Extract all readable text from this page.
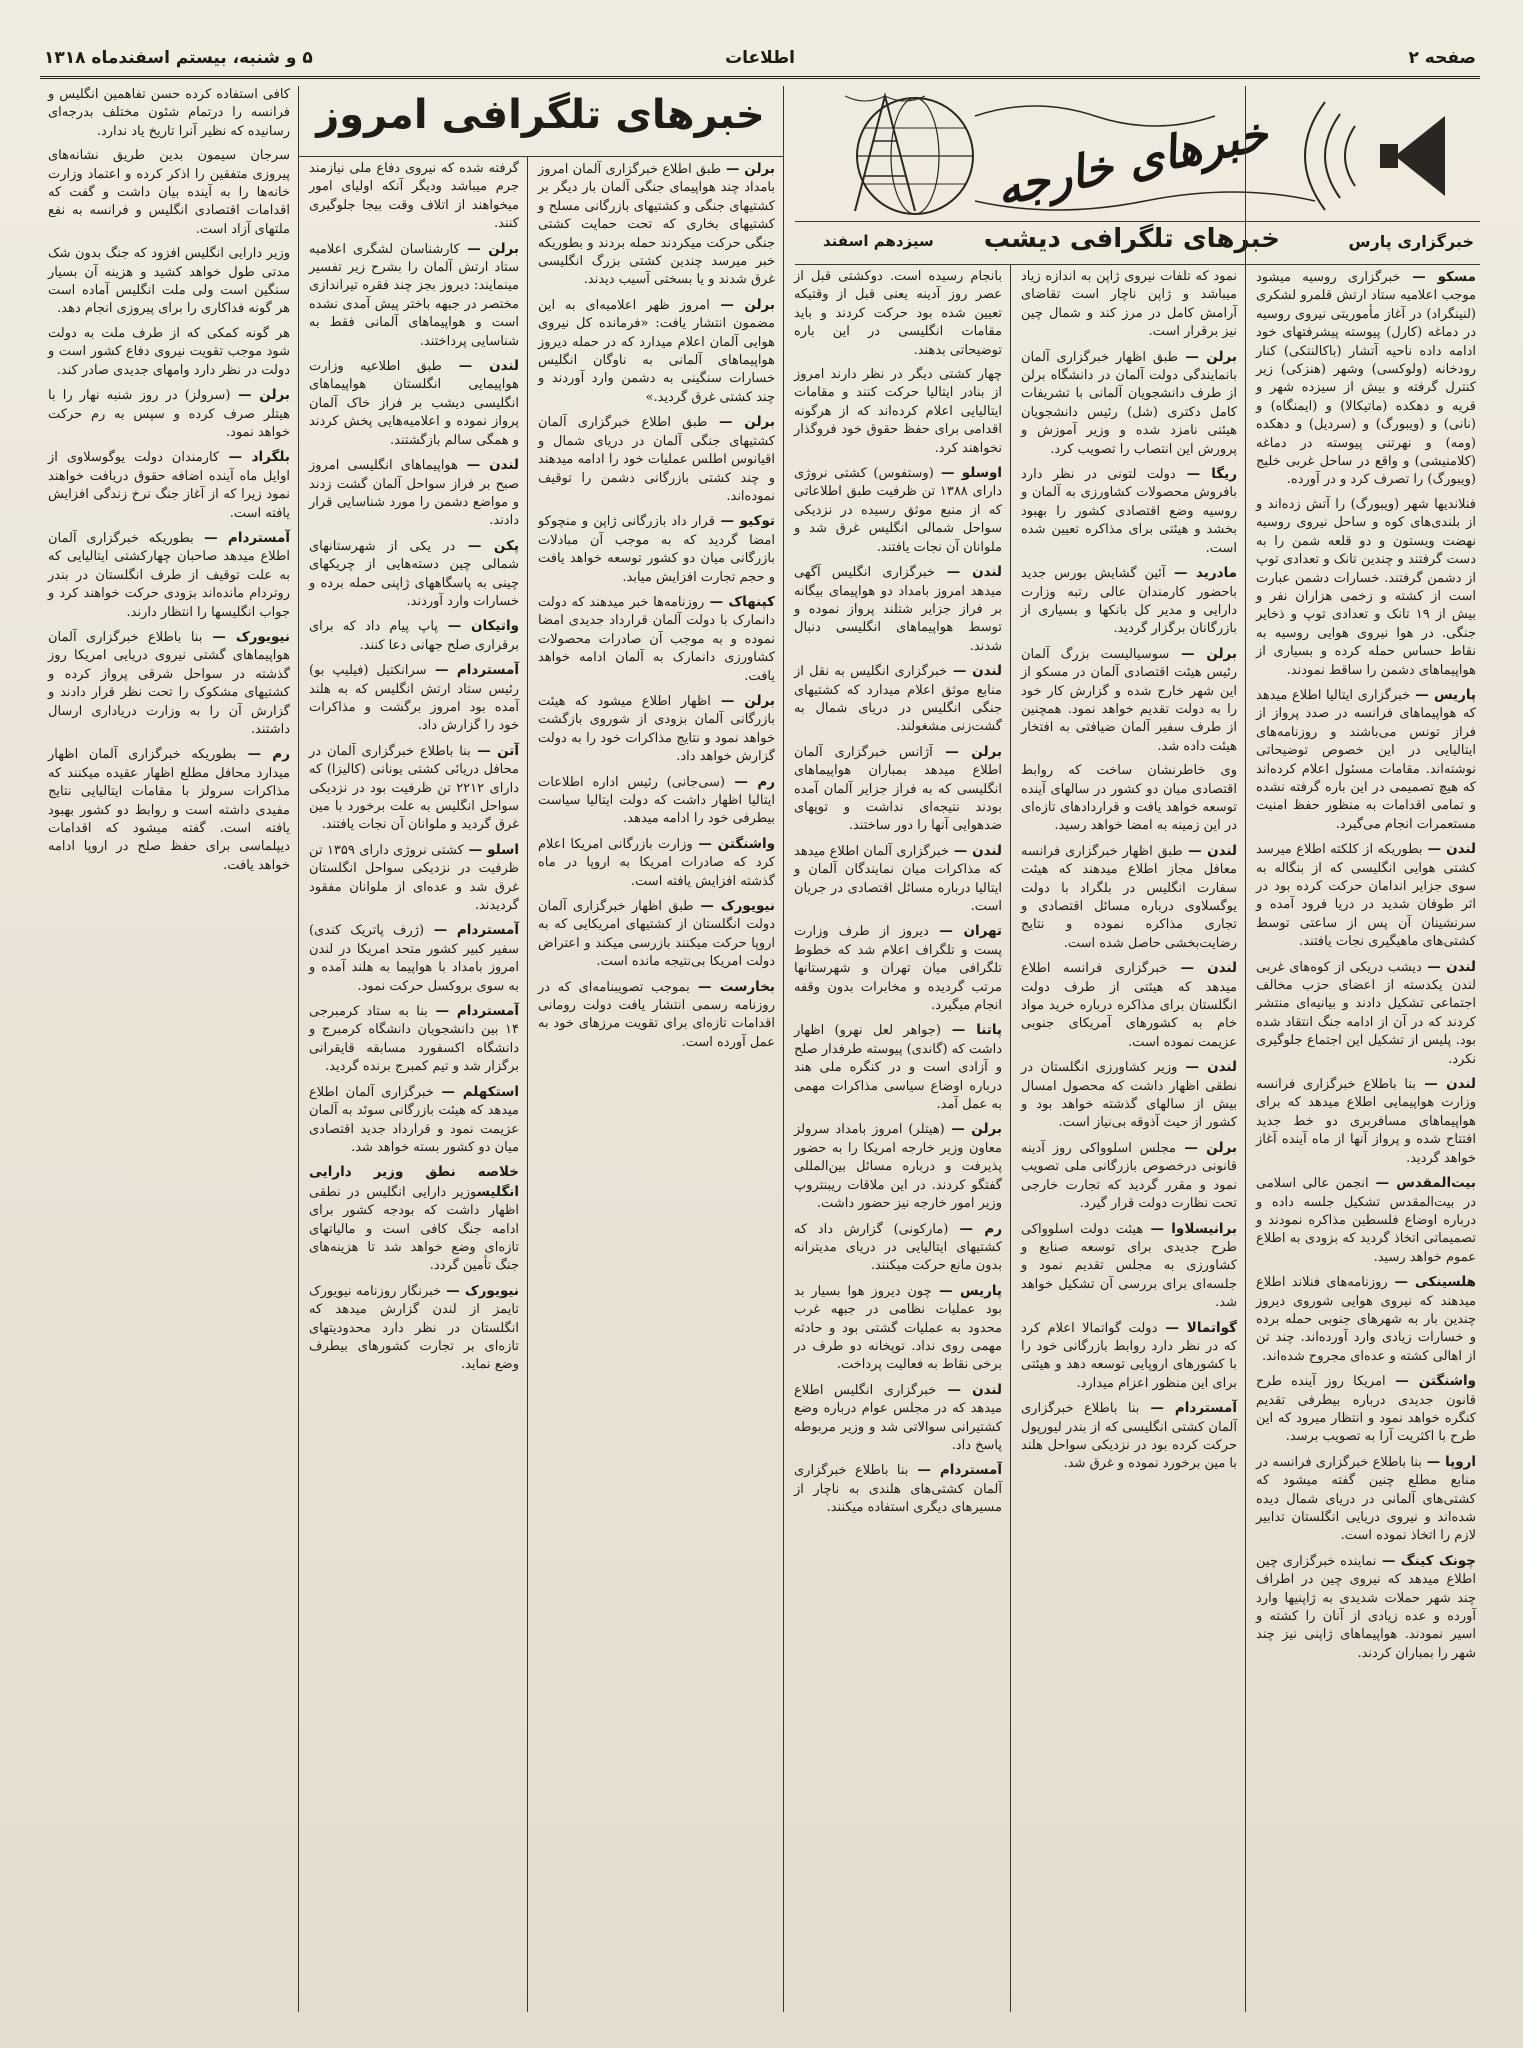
صفحه ۲
اطلاعات
۵ و شنبه، بیستم اسفندماه ۱۳۱۸
خبرهای خارجه
خبرگزاری پارس
خبرهای تلگرافی دیشب
سیزدهم اسفند
خبرهای تلگرافی امروز

مسکو — خبرگزاری روسیه میشود موجب اعلامیه ستاد ارتش قلمرو لشکری (لنینگراد) در آغاز مأموریتی نیروی روسیه در دماغه (کارل) پیوسته پیشرفتهای خود ادامه داده ناحیه آتشار (باکالنتکی) کنار رودخانه (ولوکسی) وشهر (هنزکی) زیر کنترل گرفته و بیش از سیزده شهر و قریه و دهکده (ماتیکالا) و (ایمنگاه) و (نانی) و (ویبورگ) و (سردیل) و دهکده (ومه) و نهرتنی پیوسته در دماغه (کلامنیشی) و واقع در ساحل غربی خلیج (ویبورگ) را تصرف کرد و در آورده.

فنلاندیها شهر (ویبورگ) را آتش زده‌اند و از بلندی‌های کوه و ساحل نیروی روسیه نهضت ویستون و دو قلعه شمن را به دست گرفتند و چندین تانک و تعدادی توپ از دشمن گرفتند. خسارات دشمن عبارت است از کشته و زخمی هزاران نفر و بیش از ۱۹ تانک و تعدادی توپ و ذخایر جنگی. در هوا نیروی هوایی روسیه به نقاط حساس حمله کرده و بسیاری از هواپیماهای دشمن را ساقط نمودند.

پاریس — خبرگزاری ایتالیا اطلاع میدهد که هواپیماهای فرانسه در صدد پرواز از فراز تونس می‌باشند و روزنامه‌های ایتالیایی در این خصوص توضیحاتی نوشته‌اند. مقامات مسئول اعلام کرده‌اند که هیچ تصمیمی در این باره گرفته نشده و تمامی اقدامات به منظور حفظ امنیت مستعمرات انجام می‌گیرد.

لندن — بطوریکه از کلکته اطلاع میرسد کشتی هوایی انگلیسی که از بنگاله به سوی جزایر اندامان حرکت کرده بود در اثر طوفان شدید در دریا فرود آمده و سرنشینان آن پس از ساعتی توسط کشتی‌های ماهیگیری نجات یافتند.

لندن — دیشب دریکی از کوه‌های غربی لندن یکدسته از اعضای حزب مخالف اجتماعی تشکیل دادند و بیانیه‌ای منتشر کردند که در آن از ادامه جنگ انتقاد شده بود. پلیس از تشکیل این اجتماع جلوگیری نکرد.

لندن — بنا باطلاع خبرگزاری فرانسه وزارت هواپیمایی اطلاع میدهد که برای هواپیماهای مسافربری دو خط جدید افتتاح شده و پرواز آنها از ماه آینده آغاز خواهد گردید.

بیت‌المقدس — انجمن عالی اسلامی در بیت‌المقدس تشکیل جلسه داده و درباره اوضاع فلسطین مذاکره نمودند و تصمیماتی اتخاذ گردید که بزودی به اطلاع عموم خواهد رسید.

هلسینکی — روزنامه‌های فنلاند اطلاع میدهند که نیروی هوایی شوروی دیروز چندین بار به شهرهای جنوبی حمله برده و خسارات زیادی وارد آورده‌اند. چند تن از اهالی کشته و عده‌ای مجروح شده‌اند.

واشنگتن — امریکا روز آینده طرح قانون جدیدی درباره بیطرفی تقدیم کنگره خواهد نمود و انتظار میرود که این طرح با اکثریت آرا به تصویب برسد.

اروپا — بنا باطلاع خبرگزاری فرانسه در منابع مطلع چنین گفته میشود که کشتی‌های آلمانی در دریای شمال دیده شده‌اند و نیروی دریایی انگلستان تدابیر لازم را اتخاذ نموده است.

چونک کینگ — نماینده خبرگزاری چین اطلاع میدهد که نیروی چین در اطراف چند شهر حملات شدیدی به ژاپنیها وارد آورده و عده زیادی از آنان را کشته و اسیر نمودند. هواپیماهای ژاپنی نیز چند شهر را بمباران کردند.

نمود که تلفات نیروی ژاپن به اندازه زیاد میباشد و ژاپن ناچار است تقاضای آرامش کامل در مرز کند و شمال چین نیز برقرار است.

برلن — طبق اظهار خبرگزاری آلمان بانمایندگی دولت آلمان در دانشگاه برلن از طرف دانشجویان آلمانی با تشریفات کامل دکتری (شل) رئیس دانشجویان هیئتی نامزد شده و وزیر آموزش و پرورش این انتصاب را تصویب کرد.

ریگا — دولت لتونی در نظر دارد بافروش محصولات کشاورزی به آلمان و روسیه وضع اقتصادی کشور را بهبود بخشد و هیئتی برای مذاکره تعیین شده است.

مادرید — آئین گشایش بورس جدید باحضور کارمندان عالی رتبه وزارت دارایی و مدیر کل بانکها و بسیاری از بازرگانان برگزار گردید.

برلن — سوسیالیست بزرگ آلمان رئیس هیئت اقتصادی آلمان در مسکو از این شهر خارج شده و گزارش کار خود را به دولت تقدیم خواهد نمود. همچنین از طرف سفیر آلمان ضیافتی به افتخار هیئت داده شد.

وی خاطرنشان ساخت که روابط اقتصادی میان دو کشور در سالهای آینده توسعه خواهد یافت و قراردادهای تازه‌ای در این زمینه به امضا خواهد رسید.

لندن — طبق اظهار خبرگزاری فرانسه معافل مجاز اطلاع میدهند که هیئت سفارت انگلیس در بلگراد با دولت یوگسلاوی درباره مسائل اقتصادی و تجاری مذاکره نموده و نتایج رضایت‌بخشی حاصل شده است.

لندن — خبرگزاری فرانسه اطلاع میدهد که هیئتی از طرف دولت انگلستان برای مذاکره درباره خرید مواد خام به کشورهای آمریکای جنوبی عزیمت نموده است.

لندن — وزیر کشاورزی انگلستان در نطقی اظهار داشت که محصول امسال بیش از سالهای گذشته خواهد بود و کشور از حیث آذوقه بی‌نیاز است.

برلن — مجلس اسلوواکی روز آدینه قانونی درخصوص بازرگانی ملی تصویب نمود و مقرر گردید که تجارت خارجی تحت نظارت دولت قرار گیرد.

برانیسلاوا — هیئت دولت اسلوواکی طرح جدیدی برای توسعه صنایع و کشاورزی به مجلس تقدیم نمود و جلسه‌ای برای بررسی آن تشکیل خواهد شد.

گواتمالا — دولت گواتمالا اعلام کرد که در نظر دارد روابط بازرگانی خود را با کشورهای اروپایی توسعه دهد و هیئتی برای این منظور اعزام میدارد.

آمستردام — بنا باطلاع خبرگزاری آلمان کشتی انگلیسی که از بندر لیورپول حرکت کرده بود در نزدیکی سواحل هلند با مین برخورد نموده و غرق شد.

بانجام رسیده است. دوکشتی قبل از عصر روز آدینه یعنی قبل از وقتیکه تعیین شده بود حرکت کردند و باید مقامات انگلیسی در این باره توضیحاتی بدهند.

چهار کشتی دیگر در نظر دارند امروز از بنادر ایتالیا حرکت کنند و مقامات ایتالیایی اعلام کرده‌اند که از هرگونه اقدامی برای حفظ حقوق خود فروگذار نخواهند کرد.

اوسلو — (وستفوس) کشتی نروژی دارای ۱۳۸۸ تن ظرفیت طبق اطلاعاتی که از منبع موثق رسیده در نزدیکی سواحل شمالی انگلیس غرق شد و ملوانان آن نجات یافتند.

لندن — خبرگزاری انگلیس آگهی میدهد امروز بامداد دو هواپیمای بیگانه بر فراز جزایر شتلند پرواز نموده و توسط هواپیماهای انگلیسی دنبال شدند.

لندن — خبرگزاری انگلیس به نقل از منابع موثق اعلام میدارد که کشتیهای جنگی انگلیس در دریای شمال به گشت‌زنی مشغولند.

برلن — آژانس خبرگزاری آلمان اطلاع میدهد بمباران هواپیماهای انگلیسی که به فراز جزایر آلمان آمده بودند نتیجه‌ای نداشت و توپهای ضدهوایی آنها را دور ساختند.

لندن — خبرگزاری آلمان اطلاع میدهد که مذاکرات میان نمایندگان آلمان و ایتالیا درباره مسائل اقتصادی در جریان است.

تهران — دیروز از طرف وزارت پست و تلگراف اعلام شد که خطوط تلگرافی میان تهران و شهرستانها مرتب گردیده و مخابرات بدون وقفه انجام میگیرد.

پاتنا — (جواهر لعل نهرو) اظهار داشت که (گاندی) پیوسته طرفدار صلح و آزادی است و در کنگره ملی هند درباره اوضاع سیاسی مذاکرات مهمی به عمل آمد.

برلن — (هیتلر) امروز بامداد سرولز معاون وزیر خارجه امریکا را به حضور پذیرفت و درباره مسائل بین‌المللی گفتگو کردند. در این ملاقات ریبنتروپ وزیر امور خارجه نیز حضور داشت.

رم — (مارکونی) گزارش داد که کشتیهای ایتالیایی در دریای مدیترانه بدون مانع حرکت میکنند.

پاریس — چون دیروز هوا بسیار بد بود عملیات نظامی در جبهه غرب محدود به عملیات گشتی بود و حادثه مهمی روی نداد. توپخانه دو طرف در برخی نقاط به فعالیت پرداخت.

لندن — خبرگزاری انگلیس اطلاع میدهد که در مجلس عوام درباره وضع کشتیرانی سوالاتی شد و وزیر مربوطه پاسخ داد.

آمستردام — بنا باطلاع خبرگزاری آلمان کشتی‌های هلندی به ناچار از مسیرهای دیگری استفاده میکنند.

برلن — طبق اطلاع خبرگزاری آلمان امروز بامداد چند هواپیمای جنگی آلمان بار دیگر بر کشتیهای جنگی و کشتیهای بازرگانی مسلح و کشتیهای بخاری که تحت حمایت کشتی جنگی حرکت میکردند حمله بردند و بطوریکه خبر میرسد چندین کشتی بزرگ انگلیسی غرق شدند و یا بسختی آسیب دیدند.

برلن — امروز ظهر اعلامیه‌ای به این مضمون انتشار یافت: «فرمانده کل نیروی هوایی آلمان اعلام میدارد که در حمله دیروز هواپیماهای آلمانی به ناوگان انگلیس خسارات سنگینی به دشمن وارد آوردند و چند کشتی غرق گردید.»

برلن — طبق اطلاع خبرگزاری آلمان کشتیهای جنگی آلمان در دریای شمال و اقیانوس اطلس عملیات خود را ادامه میدهند و چند کشتی بازرگانی دشمن را توقیف نموده‌اند.

توکیو — قرار داد بازرگانی ژاپن و منچوکو امضا گردید که به موجب آن مبادلات بازرگانی میان دو کشور توسعه خواهد یافت و حجم تجارت افزایش میابد.

کپنهاک — روزنامه‌ها خبر میدهند که دولت دانمارک با دولت آلمان قرارداد جدیدی امضا نموده و به موجب آن صادرات محصولات کشاورزی دانمارک به آلمان ادامه خواهد یافت.

برلن — اظهار اطلاع میشود که هیئت بازرگانی آلمان بزودی از شوروی بازگشت خواهد نمود و نتایج مذاکرات خود را به دولت گزارش خواهد داد.

رم — (سی‌جانی) رئیس اداره اطلاعات ایتالیا اظهار داشت که دولت ایتالیا سیاست بیطرفی خود را ادامه میدهد.

واشنگتن — وزارت بازرگانی امریکا اعلام کرد که صادرات امریکا به اروپا در ماه گذشته افزایش یافته است.

نیویورک — طبق اظهار خبرگزاری آلمان دولت انگلستان از کشتیهای امریکایی که به اروپا حرکت میکنند بازرسی میکند و اعتراض دولت امریکا بی‌نتیجه مانده است.

بخارست — بموجب تصویبنامه‌ای که در روزنامه رسمی انتشار یافت دولت رومانی اقدامات تازه‌ای برای تقویت مرزهای خود به عمل آورده است.

گرفته شده که نیروی دفاع ملی نیازمند جرم میباشد ودیگر آنکه اولیای امور میخواهند از اتلاف وقت بیجا جلوگیری کنند.

برلن — کارشناسان لشگری اعلامیه ستاد ارتش آلمان را بشرح زیر تفسیر مینمایند: دیروز بجز چند فقره تیراندازی مختصر در جبهه باختر پیش آمدی نشده است و هواپیماهای آلمانی فقط به شناسایی پرداختند.

لندن — طبق اطلاعیه وزارت هواپیمایی انگلستان هواپیماهای انگلیسی دیشب بر فراز خاک آلمان پرواز نموده و اعلامیه‌هایی پخش کردند و همگی سالم بازگشتند.

لندن — هواپیماهای انگلیسی امروز صبح بر فراز سواحل آلمان گشت زدند و مواضع دشمن را مورد شناسایی قرار دادند.

پکن — در یکی از شهرستانهای شمالی چین دسته‌هایی از چریکهای چینی به پاسگاههای ژاپنی حمله برده و خسارات وارد آوردند.

واتیکان — پاپ پیام داد که برای برقراری صلح جهانی دعا کنند.

آمستردام — سرانکتیل (فیلیپ بو) رئیس ستاد ارتش انگلیس که به هلند آمده بود امروز برگشت و مذاکرات خود را گزارش داد.

آتن — بنا باطلاع خبرگزاری آلمان در محافل دریائی کشتی یونانی (کالیزا) که دارای ۲۲۱۲ تن ظرفیت بود در نزدیکی سواحل انگلیس به علت برخورد با مین غرق گردید و ملوانان آن نجات یافتند.

اسلو — کشتی نروژی دارای ۱۳۵۹ تن ظرفیت در نزدیکی سواحل انگلستان غرق شد و عده‌ای از ملوانان مفقود گردیدند.

آمستردام — (ژرف پاتریک کندی) سفیر کبیر کشور متحد امریکا در لندن امروز بامداد با هواپیما به هلند آمده و به سوی بروکسل حرکت نمود.

آمستردام — بنا به ستاد کرمبرجی ۱۴ بین دانشجویان دانشگاه کرمبرج و دانشگاه اکسفورد مسابقه قایقرانی برگزار شد و تیم کمبرج برنده گردید.

استکهلم — خبرگزاری آلمان اطلاع میدهد که هیئت بازرگانی سوئد به آلمان عزیمت نمود و قرارداد جدید اقتصادی میان دو کشور بسته خواهد شد.

خلاصه نطق وزیر دارایی انگلیسوزیر دارایی انگلیس در نطقی اظهار داشت که بودجه کشور برای ادامه جنگ کافی است و مالیاتهای تازه‌ای وضع خواهد شد تا هزینه‌های جنگ تأمین گردد.

نیویورک — خبرنگار روزنامه نیویورک تایمز از لندن گزارش میدهد که انگلستان در نظر دارد محدودیتهای تازه‌ای بر تجارت کشورهای بیطرف وضع نماید.

کافی استفاده کرده حسن تفاهمین انگلیس و فرانسه را درتمام شئون مختلف بدرجه‌ای رسانیده که نظیر آنرا تاریخ یاد ندارد.

سرجان سیمون بدین طریق نشانه‌های پیروزی متفقین را اذکر کرده و اعتماد وزارت خانه‌ها را به آینده بیان داشت و گفت که اقدامات اقتصادی انگلیس و فرانسه به نفع ملتهای آزاد است.

وزیر دارایی انگلیس افزود که جنگ بدون شک مدتی طول خواهد کشید و هزینه آن بسیار سنگین است ولی ملت انگلیس آماده است هر گونه فداکاری را برای پیروزی انجام دهد.

هر گونه کمکی که از طرف ملت به دولت شود موجب تقویت نیروی دفاع کشور است و دولت در نظر دارد وامهای جدیدی صادر کند.

برلن — (سرولز) در روز شنبه نهار را با هیتلر صرف کرده و سپس به رم حرکت خواهد نمود.

بلگراد — کارمندان دولت یوگوسلاوی از اوایل ماه آینده اضافه حقوق دریافت خواهند نمود زیرا که از آغاز جنگ نرخ زندگی افزایش یافته است.

آمستردام — بطوریکه خبرگزاری آلمان اطلاع میدهد صاحبان چهارکشتی ایتالیایی که به علت توقیف از طرف انگلستان در بندر روتردام مانده‌اند بزودی حرکت خواهند کرد و جواب انگلیسها را انتظار دارند.

نیویورک — بنا باطلاع خبرگزاری آلمان هواپیماهای گشتی نیروی دریایی امریکا روز گذشته در سواحل شرقی پرواز کرده و کشتیهای مشکوک را تحت نظر قرار دادند و گزارش آن را به وزارت دریاداری ارسال داشتند.

رم — بطوریکه خبرگزاری آلمان اظهار میدارد محافل مطلع اظهار عقیده میکنند که مذاکرات سرولز با مقامات ایتالیایی نتایج مفیدی داشته است و روابط دو کشور بهبود یافته است. گفته میشود که اقدامات دیپلماسی برای حفظ صلح در اروپا ادامه خواهد یافت.
